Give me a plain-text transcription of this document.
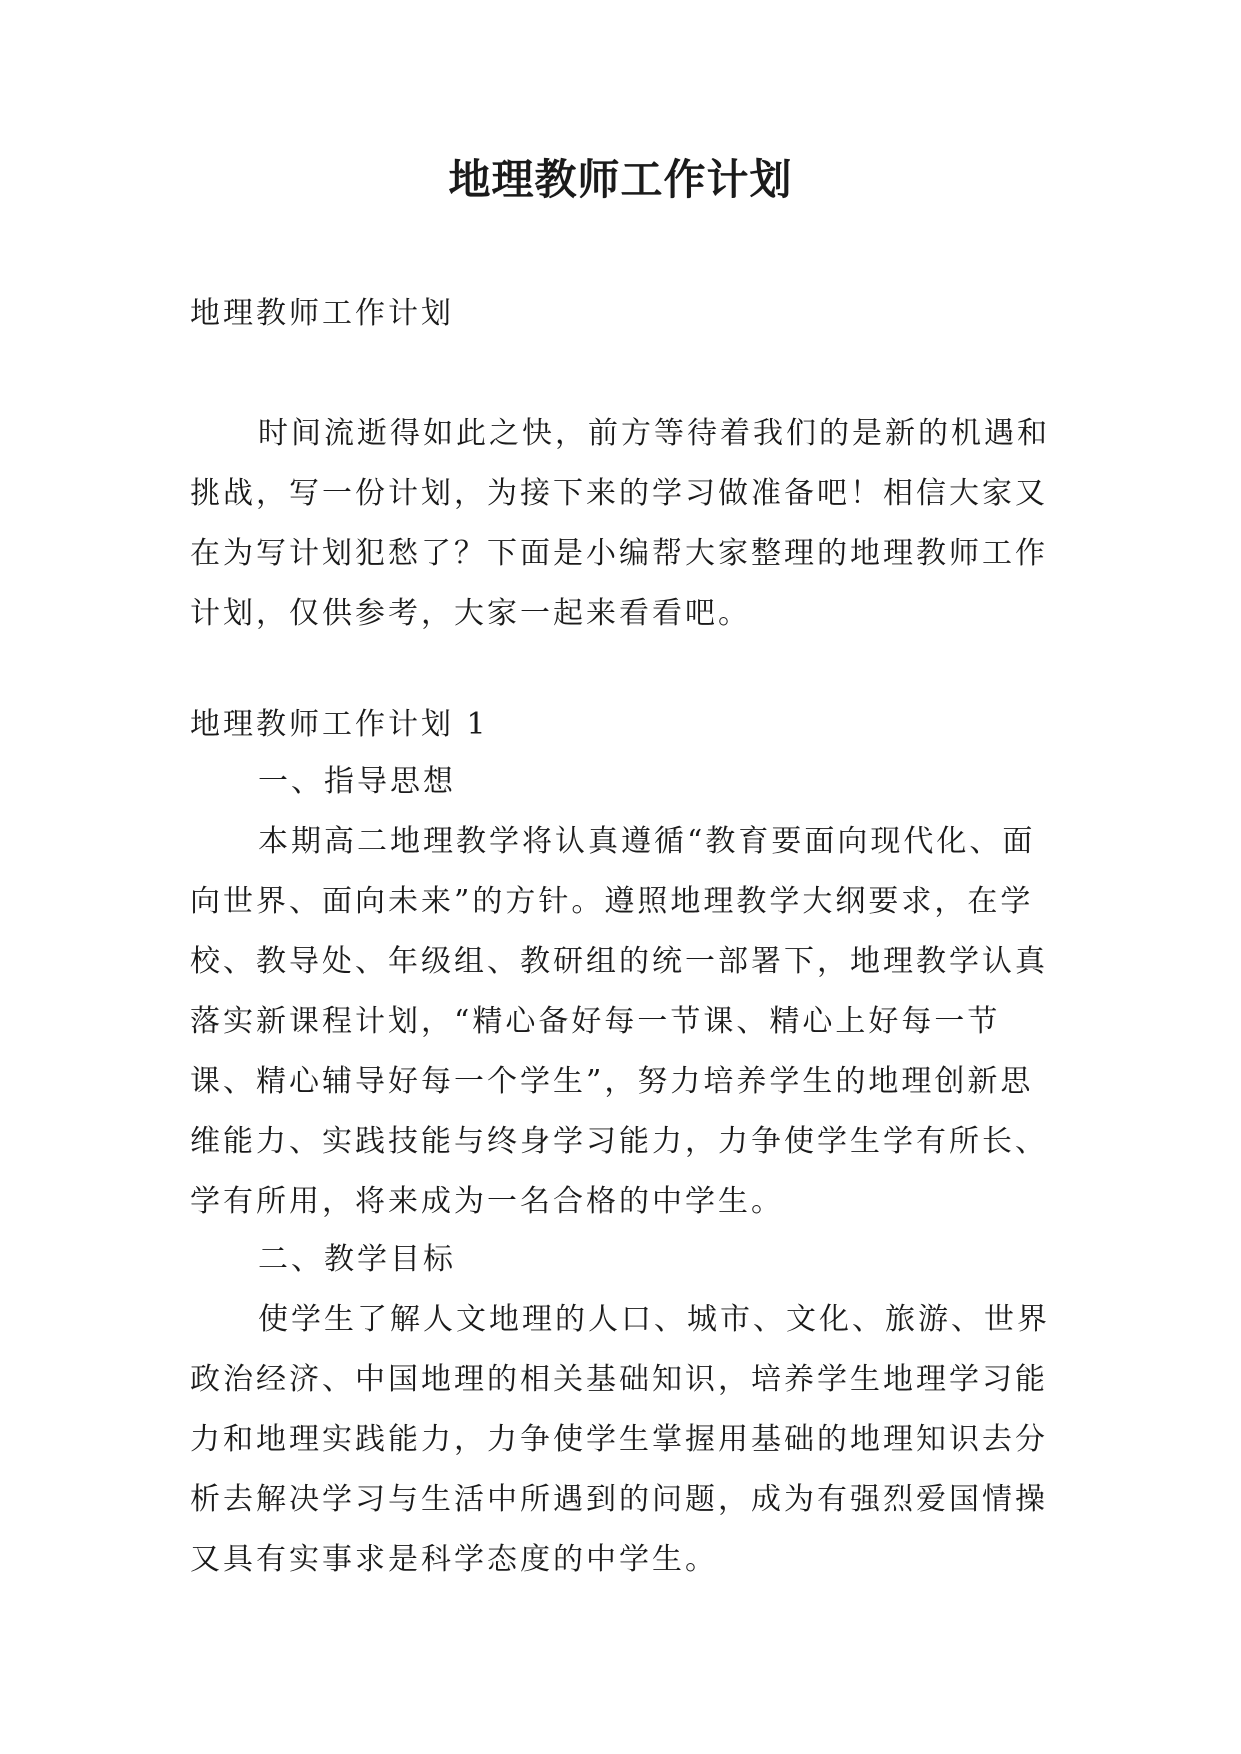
地理教师工作计划

地理教师工作计划

时间流逝得如此之快，前方等待着我们的是新的机遇和挑战，写一份计划，为接下来的学习做准备吧！相信大家又在为写计划犯愁了？下面是小编帮大家整理的地理教师工作计划，仅供参考，大家一起来看看吧。

地理教师工作计划 1

一、指导思想

本期高二地理教学将认真遵循“教育要面向现代化、面向世界、面向未来”的方针。遵照地理教学大纲要求，在学校、教导处、年级组、教研组的统一部署下，地理教学认真落实新课程计划，“精心备好每一节课、精心上好每一节课、精心辅导好每一个学生”，努力培养学生的地理创新思维能力、实践技能与终身学习能力，力争使学生学有所长、学有所用，将来成为一名合格的中学生。

二、教学目标

使学生了解人文地理的人口、城市、文化、旅游、世界政治经济、中国地理的相关基础知识，培养学生地理学习能力和地理实践能力，力争使学生掌握用基础的地理知识去分析去解决学习与生活中所遇到的问题，成为有强烈爱国情操又具有实事求是科学态度的中学生。
